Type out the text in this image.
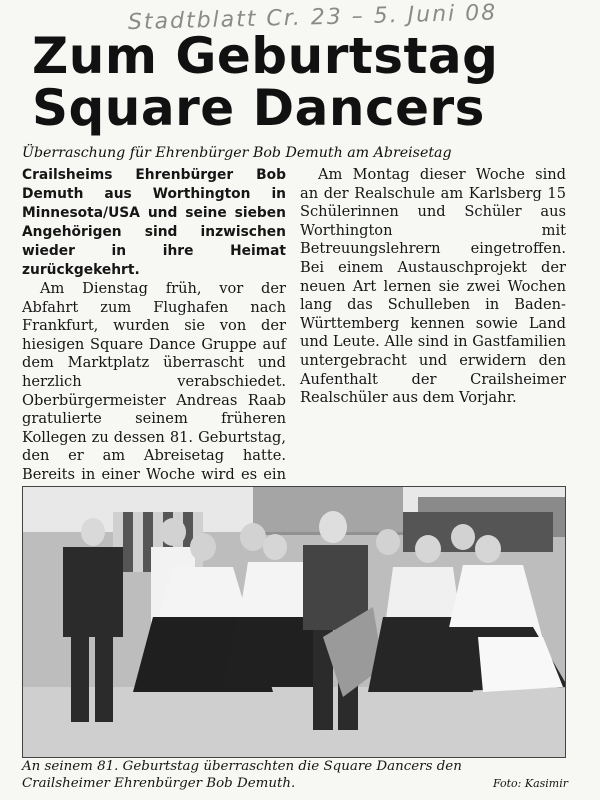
Stadtblatt Cr. 23 – 5. Juni 08
Zum Geburtstag
Square Dancers
Überraschung für Ehrenbürger Bob Demuth am Abreisetag

Crailsheims Ehrenbürger Bob Demuth aus Worthington in Minnesota/USA und seine sieben Angehörigen sind inzwischen wieder in ihre Heimat zurückgekehrt.

Am Dienstag früh, vor der Abfahrt zum Flughafen nach Frankfurt, wurden sie von der hiesigen Square Dance Gruppe auf dem Marktplatz überrascht und herzlich verabschiedet. Oberbürgermeister Andreas Raab gratulierte seinem früheren Kollegen zu dessen 81. Geburtstag, den er am Abreisetag hatte. Bereits in einer Woche wird es ein

Am Montag dieser Woche sind an der Realschule am Karlsberg 15 Schülerinnen und Schüler aus Worthington mit Betreuungslehrern eingetroffen. Bei einem Austauschprojekt der neuen Art lernen sie zwei Wochen lang das Schulleben in Baden-Württemberg kennen sowie Land und Leute. Alle sind in Gastfamilien untergebracht und erwidern den Aufenthalt der Crailsheimer Realschüler aus dem Vorjahr.

An seinem 81. Geburtstag überraschten die Square Dancers den
Crailsheimer Ehrenbürger Bob Demuth.	Foto: Kasimir
